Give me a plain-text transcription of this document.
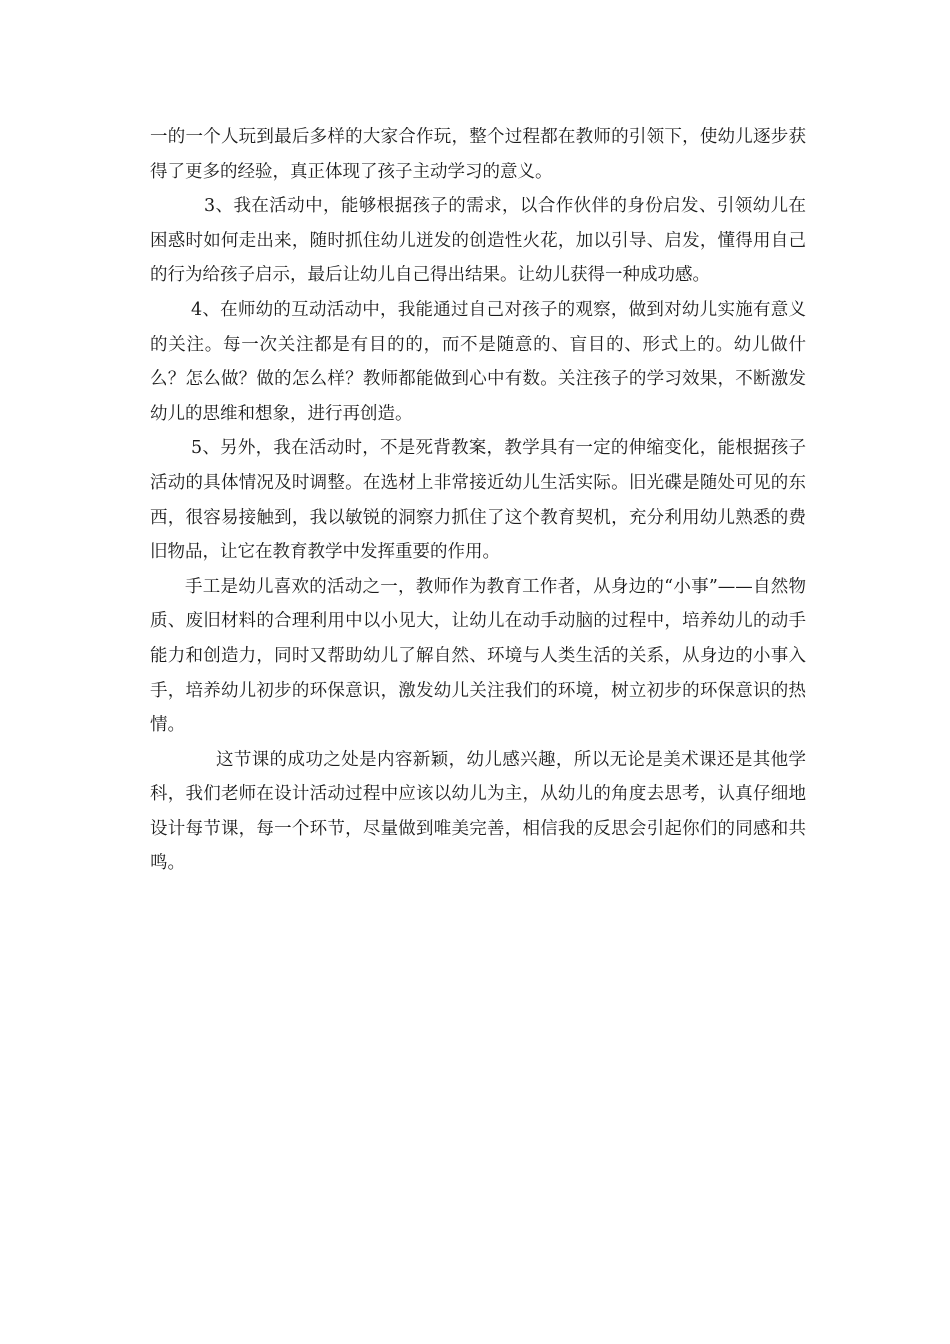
一的一个人玩到最后多样的大家合作玩，整个过程都在教师的引领下，使幼儿逐步获得了更多的经验，真正体现了孩子主动学习的意义。

3、我在活动中，能够根据孩子的需求，以合作伙伴的身份启发、引领幼儿在困惑时如何走出来，随时抓住幼儿迸发的创造性火花，加以引导、启发，懂得用自己的行为给孩子启示，最后让幼儿自己得出结果。让幼儿获得一种成功感。

4、在师幼的互动活动中，我能通过自己对孩子的观察，做到对幼儿实施有意义的关注。每一次关注都是有目的的，而不是随意的、盲目的、形式上的。幼儿做什么？怎么做？做的怎么样？教师都能做到心中有数。关注孩子的学习效果，不断激发幼儿的思维和想象，进行再创造。

5、另外，我在活动时，不是死背教案，教学具有一定的伸缩变化，能根据孩子活动的具体情况及时调整。在选材上非常接近幼儿生活实际。旧光碟是随处可见的东西，很容易接触到，我以敏锐的洞察力抓住了这个教育契机，充分利用幼儿熟悉的费旧物品，让它在教育教学中发挥重要的作用。

手工是幼儿喜欢的活动之一，教师作为教育工作者，从身边的“小事”——自然物质、废旧材料的合理利用中以小见大，让幼儿在动手动脑的过程中，培养幼儿的动手能力和创造力，同时又帮助幼儿了解自然、环境与人类生活的关系，从身边的小事入手，培养幼儿初步的环保意识，激发幼儿关注我们的环境，树立初步的环保意识的热情。

这节课的成功之处是内容新颖，幼儿感兴趣，所以无论是美术课还是其他学科，我们老师在设计活动过程中应该以幼儿为主，从幼儿的角度去思考，认真仔细地设计每节课，每一个环节，尽量做到唯美完善，相信我的反思会引起你们的同感和共鸣。
